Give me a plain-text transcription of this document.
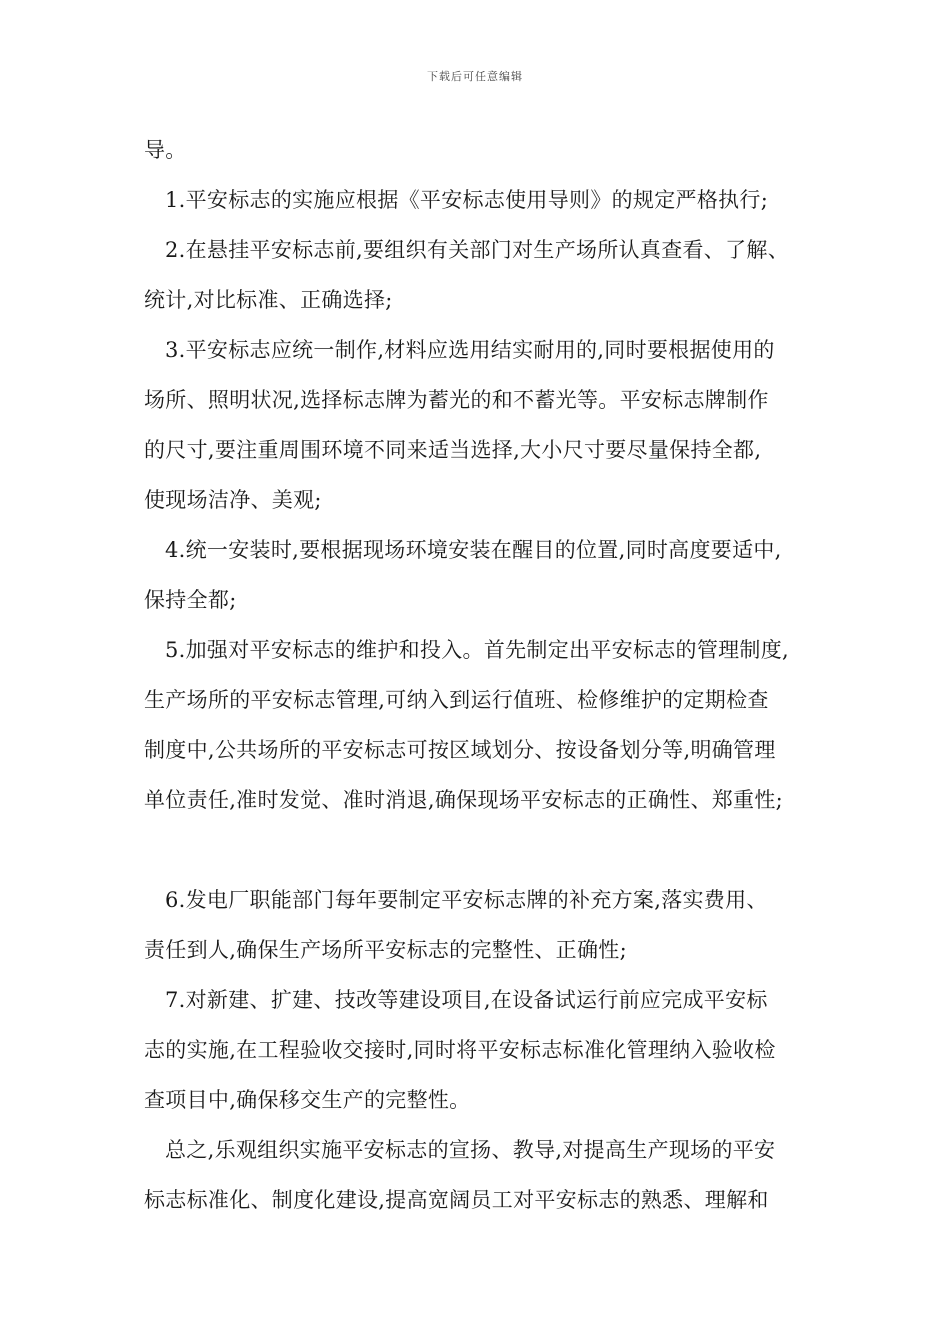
下载后可任意编辑
导。
1.平安标志的实施应根据《平安标志使用导则》的规定严格执行;
2.在悬挂平安标志前,要组织有关部门对生产场所认真查看、了解、
统计,对比标准、正确选择;
3.平安标志应统一制作,材料应选用结实耐用的,同时要根据使用的
场所、照明状况,选择标志牌为蓄光的和不蓄光等。平安标志牌制作
的尺寸,要注重周围环境不同来适当选择,大小尺寸要尽量保持全都,
使现场洁净、美观;
4.统一安装时,要根据现场环境安装在醒目的位置,同时高度要适中,
保持全都;
5.加强对平安标志的维护和投入。首先制定出平安标志的管理制度,
生产场所的平安标志管理,可纳入到运行值班、检修维护的定期检查
制度中,公共场所的平安标志可按区域划分、按设备划分等,明确管理
单位责任,准时发觉、准时消退,确保现场平安标志的正确性、郑重性;
6.发电厂职能部门每年要制定平安标志牌的补充方案,落实费用、
责任到人,确保生产场所平安标志的完整性、正确性;
7.对新建、扩建、技改等建设项目,在设备试运行前应完成平安标
志的实施,在工程验收交接时,同时将平安标志标准化管理纳入验收检
查项目中,确保移交生产的完整性。
总之,乐观组织实施平安标志的宣扬、教导,对提高生产现场的平安
标志标准化、制度化建设,提高宽阔员工对平安标志的熟悉、理解和
